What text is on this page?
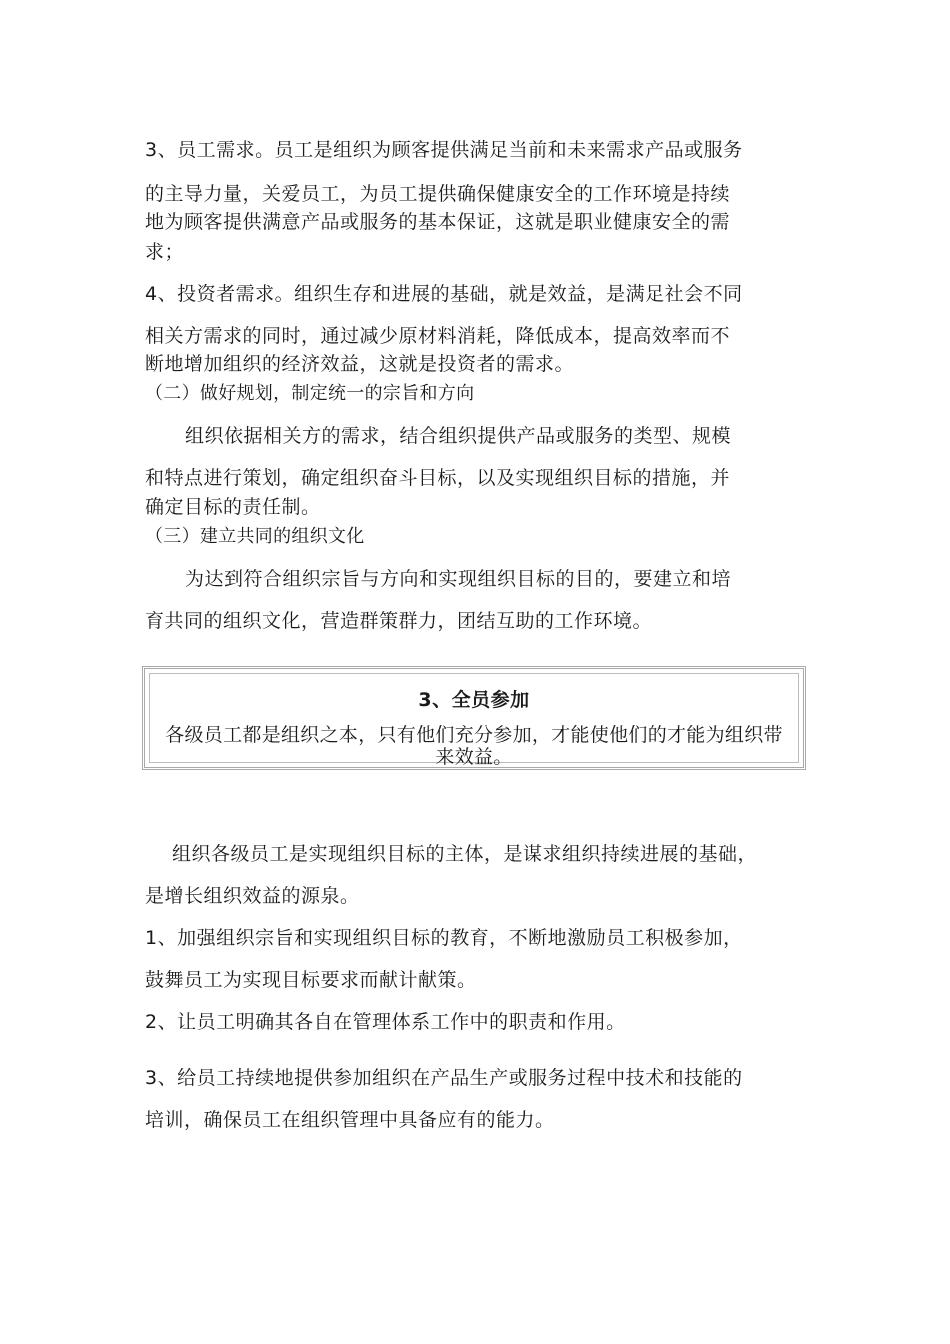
3、员工需求。员工是组织为顾客提供满足当前和未来需求产品或服务
的主导力量，关爱员工，为员工提供确保健康安全的工作环境是持续
地为顾客提供满意产品或服务的基本保证，这就是职业健康安全的需
求；
4、投资者需求。组织生存和进展的基础，就是效益，是满足社会不同
相关方需求的同时，通过减少原材料消耗，降低成本，提高效率而不
断地增加组织的经济效益，这就是投资者的需求。
（二）做好规划，制定统一的宗旨和方向
组织依据相关方的需求，结合组织提供产品或服务的类型、规模
和特点进行策划，确定组织奋斗目标，以及实现组织目标的措施，并
确定目标的责任制。
（三）建立共同的组织文化
为达到符合组织宗旨与方向和实现组织目标的目的，要建立和培
育共同的组织文化，营造群策群力，团结互助的工作环境。
3、全员参加
各级员工都是组织之本，只有他们充分参加，才能使他们的才能为组织带来效益。
组织各级员工是实现组织目标的主体，是谋求组织持续进展的基础，
是增长组织效益的源泉。
1、加强组织宗旨和实现组织目标的教育，不断地激励员工积极参加，
鼓舞员工为实现目标要求而献计献策。
2、让员工明确其各自在管理体系工作中的职责和作用。
3、给员工持续地提供参加组织在产品生产或服务过程中技术和技能的
培训，确保员工在组织管理中具备应有的能力。
